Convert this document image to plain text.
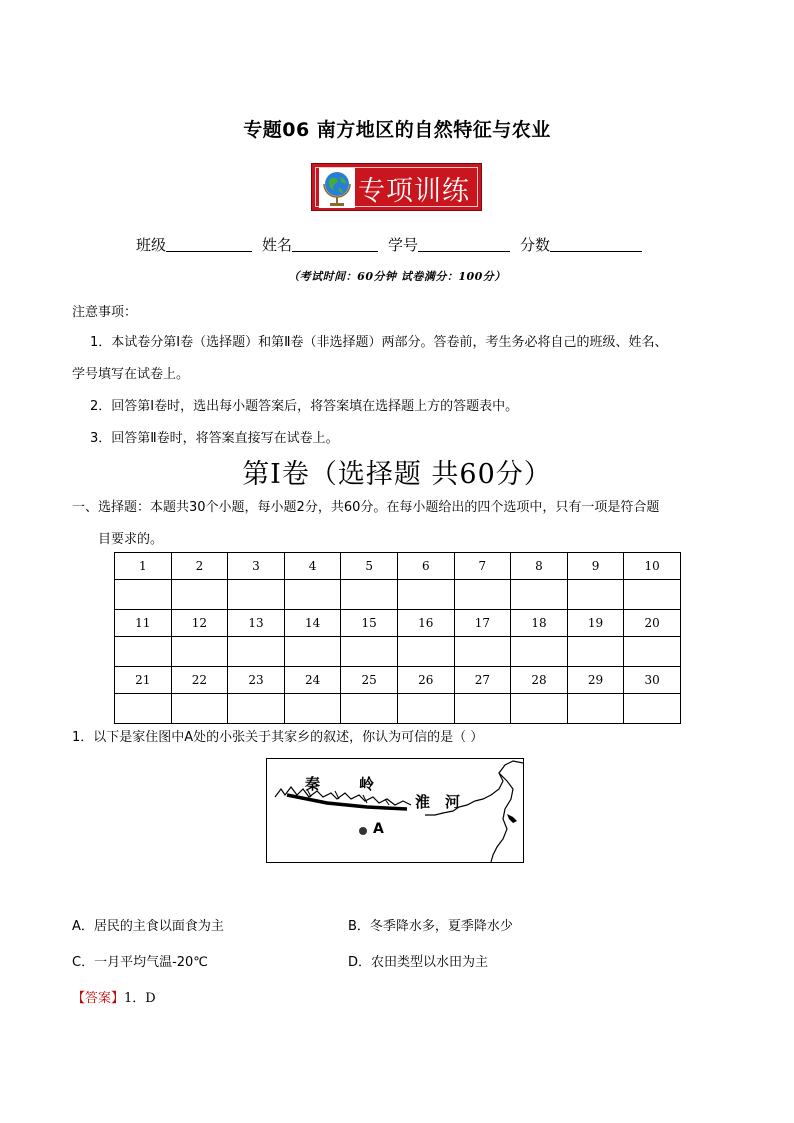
专题06 南方地区的自然特征与农业
专项训练
班级	姓名	学号	分数
（考试时间：60分钟 试卷满分：100分）
注意事项：
1．本试卷分第Ⅰ卷（选择题）和第Ⅱ卷（非选择题）两部分。答卷前，考生务必将自己的班级、姓名、
学号填写在试卷上。
2．回答第Ⅰ卷时，选出每小题答案后，将答案填在选择题上方的答题表中。
3．回答第Ⅱ卷时，将答案直接写在试卷上。
第Ⅰ卷（选择题 共60分）
一、选择题：本题共30个小题，每小题2分，共60分。在每小题给出的四个选项中，只有一项是符合题
目要求的。
1	2	3	4	5	6	7	8	9	10

11	12	13	14	15	16	17	18	19	20

21	22	23	24	25	26	27	28	29	30

1．以下是家住图中A处的小张关于其家乡的叙述，你认为可信的是（ ）
秦	岭
淮 河
A
A．居民的主食以面食为主	B．冬季降水多，夏季降水少
C．一月平均气温-20℃	D．农田类型以水田为主
【答案】1．D
